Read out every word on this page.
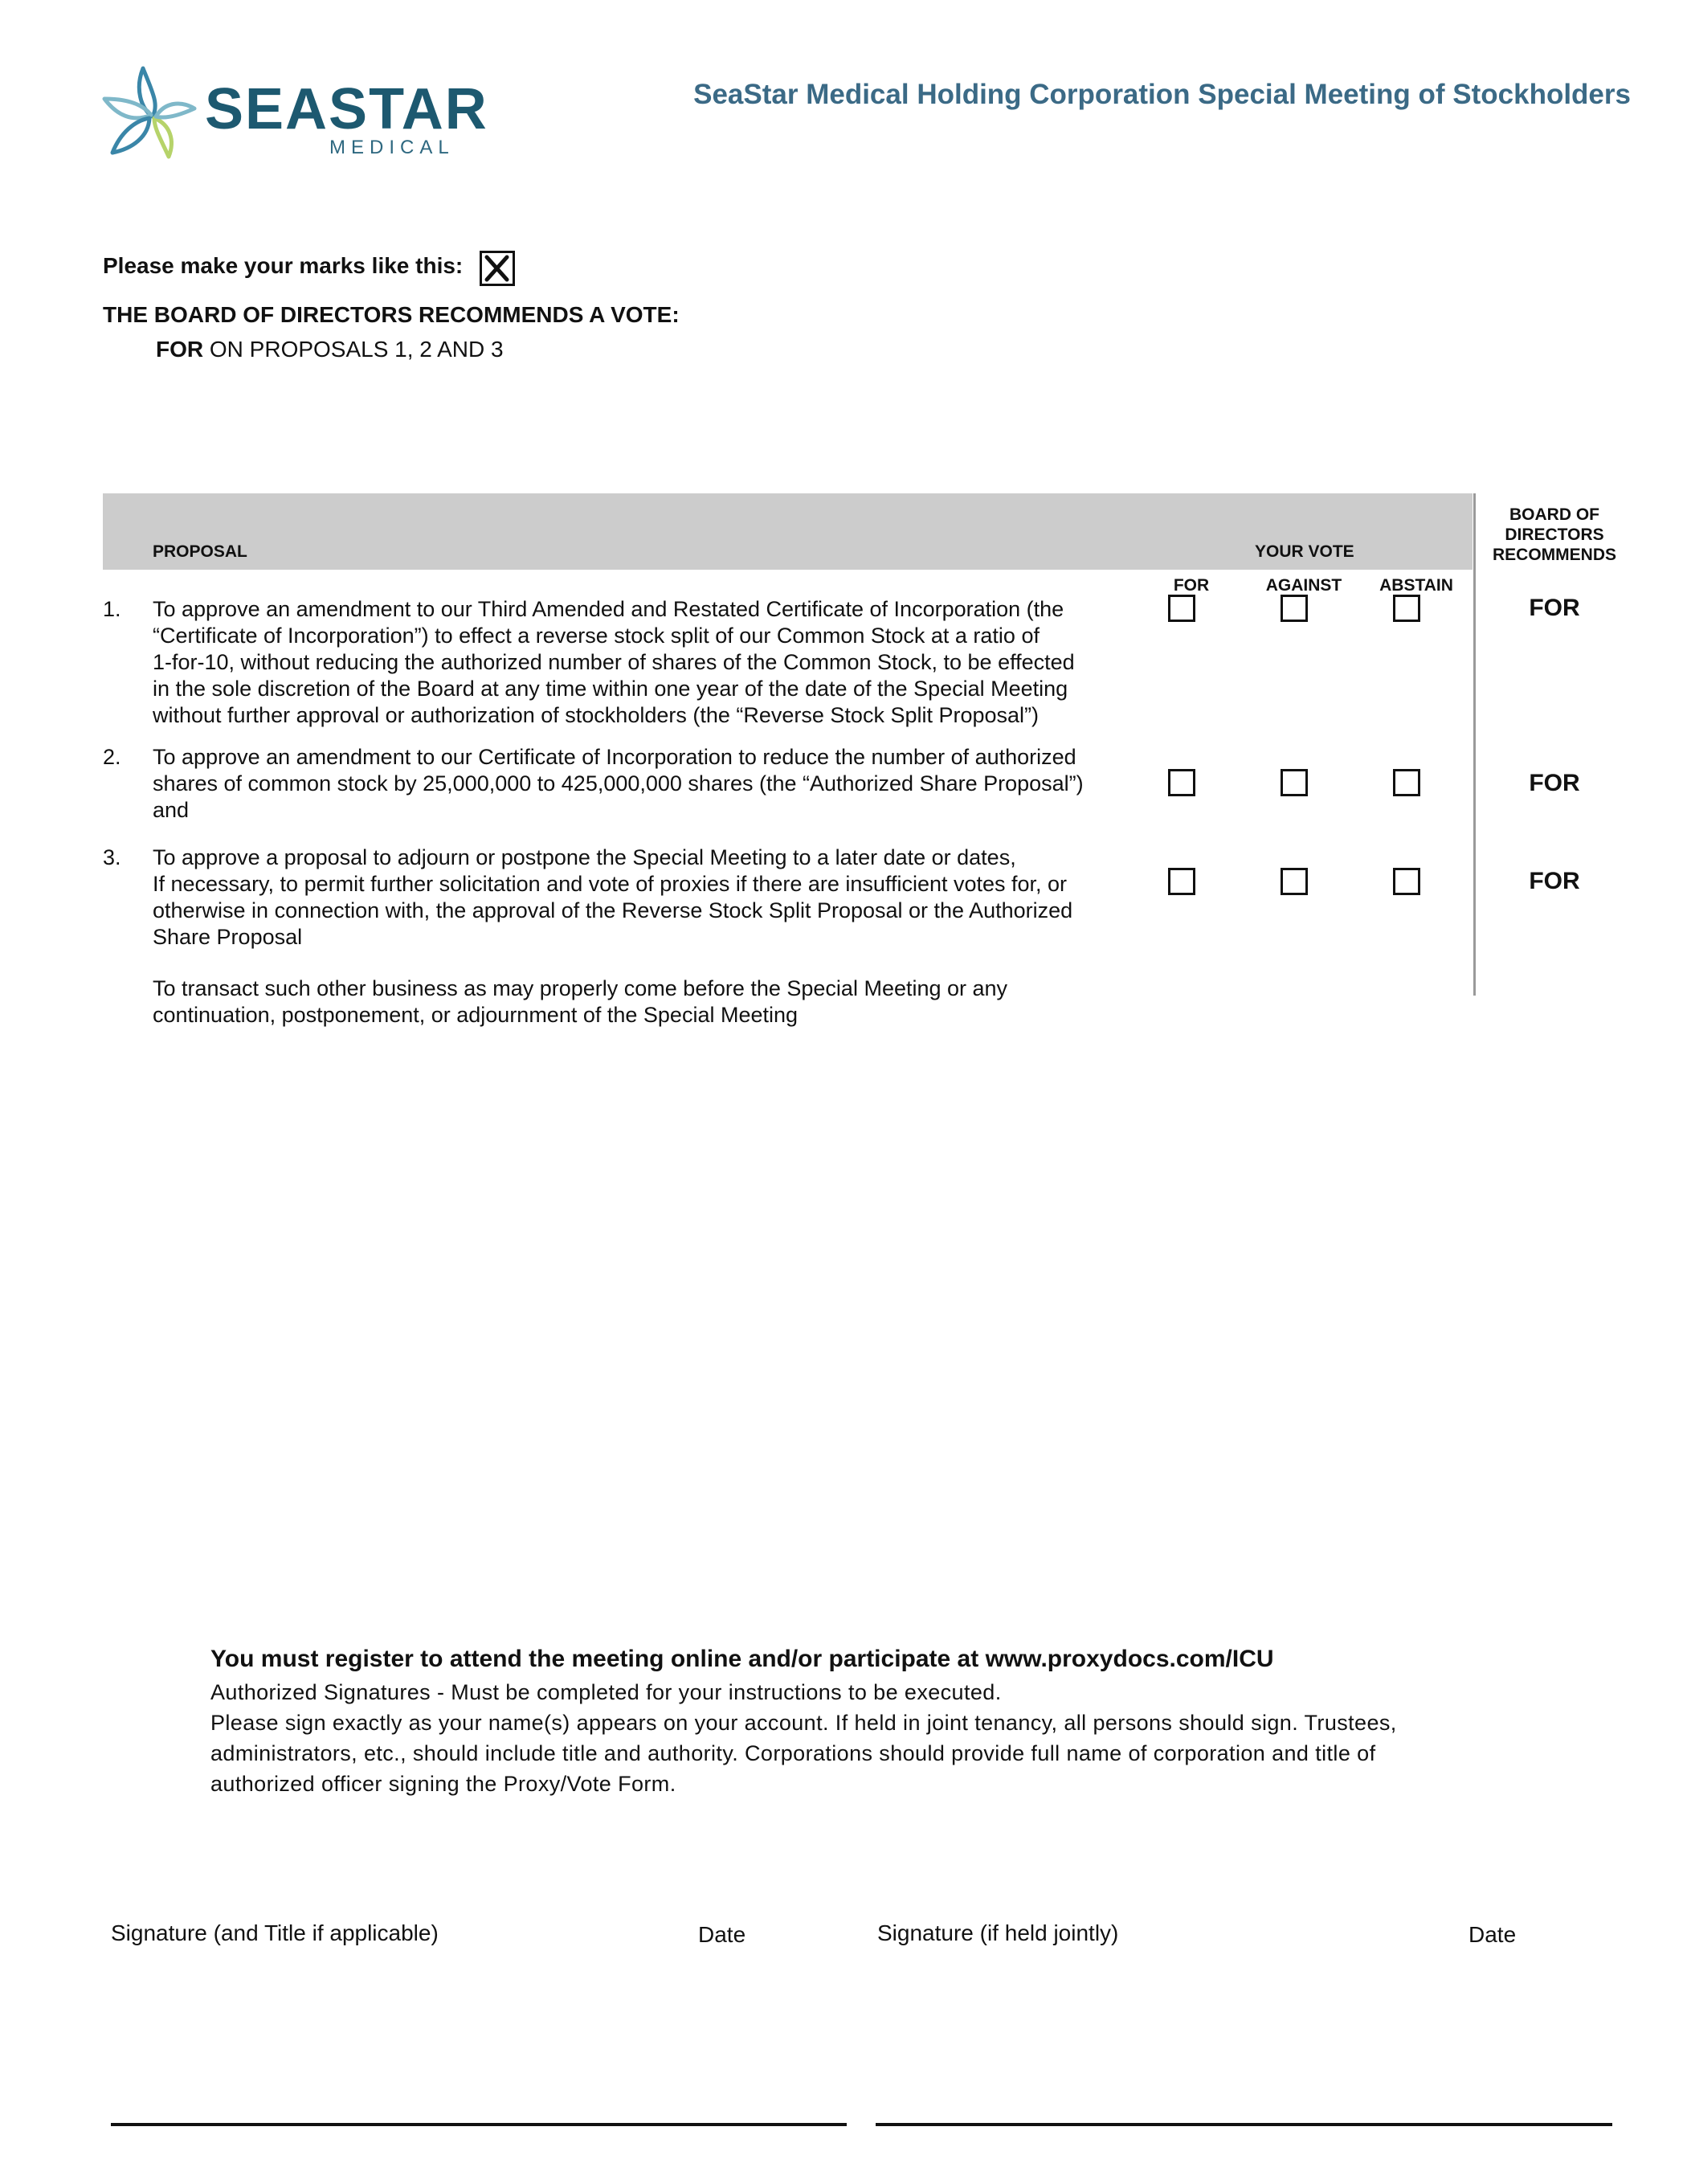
SEASTAR
MEDICAL
SeaStar Medical Holding Corporation Special Meeting of Stockholders
Please make your marks like this:
THE BOARD OF DIRECTORS RECOMMENDS A VOTE:
FOR ON PROPOSALS 1, 2 AND 3
PROPOSAL	YOUR VOTE
BOARD OF
DIRECTORS
RECOMMENDS
FOR	AGAINST	ABSTAIN
1. To approve an amendment to our Third Amended and Restated Certificate of Incorporation (the
“Certificate of Incorporation”) to effect a reverse stock split of our Common Stock at a ratio of
1-for-10, without reducing the authorized number of shares of the Common Stock, to be effected
in the sole discretion of the Board at any time within one year of the date of the Special Meeting
without further approval or authorization of stockholders (the “Reverse Stock Split Proposal”)
FOR
2. To approve an amendment to our Certificate of Incorporation to reduce the number of authorized
shares of common stock by 25,000,000 to 425,000,000 shares (the “Authorized Share Proposal”)
and
FOR
3. To approve a proposal to adjourn or postpone the Special Meeting to a later date or dates,
If necessary, to permit further solicitation and vote of proxies if there are insufficient votes for, or
otherwise in connection with, the approval of the Reverse Stock Split Proposal or the Authorized
Share Proposal
FOR
To transact such other business as may properly come before the Special Meeting or any
continuation, postponement, or adjournment of the Special Meeting
You must register to attend the meeting online and/or participate at www.proxydocs.com/ICU
Authorized Signatures - Must be completed for your instructions to be executed.
Please sign exactly as your name(s) appears on your account. If held in joint tenancy, all persons should sign. Trustees,
administrators, etc., should include title and authority. Corporations should provide full name of corporation and title of
authorized officer signing the Proxy/Vote Form.
Signature (and Title if applicable)	Date	Signature (if held jointly)	Date
